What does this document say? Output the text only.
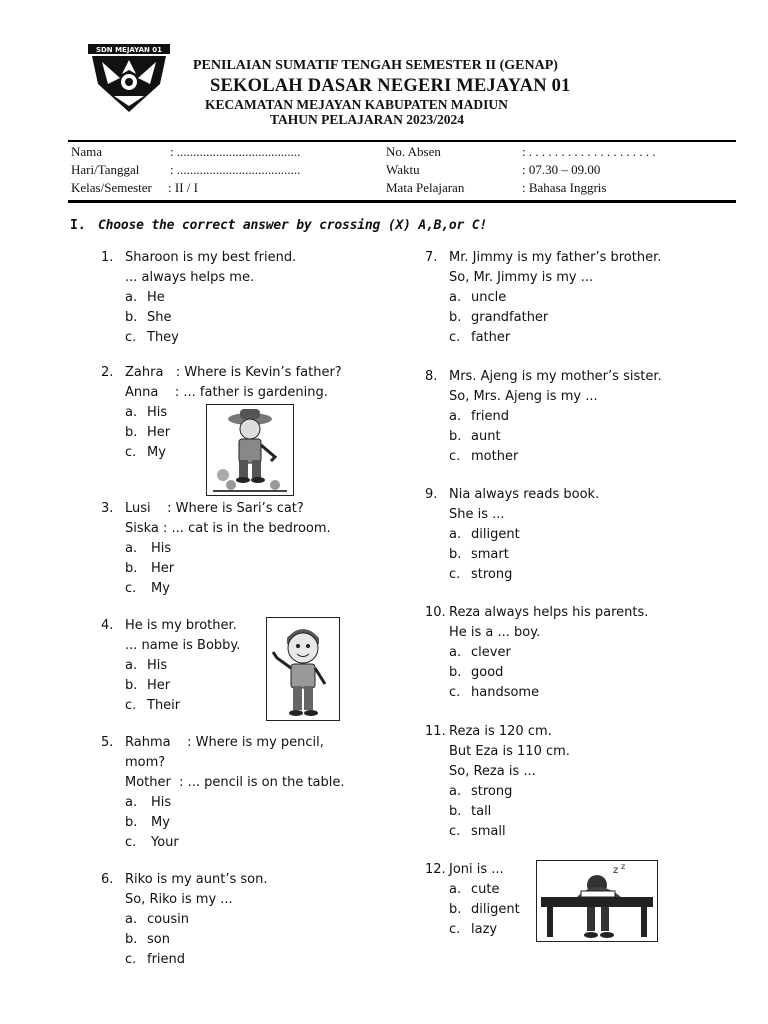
SDN MEJAYAN 01
PENILAIAN SUMATIF TENGAH SEMESTER II (GENAP)
SEKOLAH DASAR NEGERI MEJAYAN 01
KECAMATAN MEJAYAN KABUPATEN MADIUN
TAHUN PELAJARAN 2023/2024
Nama	: ......................................	No. Absen	: . . . . . . . . . . . . . . . . . . . .
Hari/Tanggal : ......................................	Waktu	: 07.30 – 09.00
Kelas/Semester : II / I	Mata Pelajaran	: Bahasa Inggris
I. Choose the correct answer by crossing (X) A,B,or C!
1. Sharoon is my best friend.
... always helps me.
a. He
b. She
c. They
2. Zahra   : Where is Kevin’s father?
Anna    : ... father is gardening.
a. His
b. Her
c. My
3. Lusi    : Where is Sari’s cat?
Siska : ... cat is in the bedroom.
a. His
b. Her
c. My
4. He is my brother.
... name is Bobby.
a. His
b. Her
c. Their
5. Rahma    : Where is my pencil,
mom?
Mother  : ... pencil is on the table.
a. His
b. My
c. Your
6. Riko is my aunt’s son.
So, Riko is my ...
a. cousin
b. son
c. friend
7. Mr. Jimmy is my father’s brother.
So, Mr. Jimmy is my ...
a. uncle
b. grandfather
c. father
8. Mrs. Ajeng is my mother’s sister.
So, Mrs. Ajeng is my ...
a. friend
b. aunt
c. mother
9. Nia always reads book.
She is ...
a. diligent
b. smart
c. strong
10. Reza always helps his parents.
He is a ... boy.
a. clever
b. good
c. handsome
11. Reza is 120 cm.
But Eza is 110 cm.
So, Reza is ...
a. strong
b. tall
c. small
12. Joni is ...
a. cute
b. diligent
c. lazy
z z
